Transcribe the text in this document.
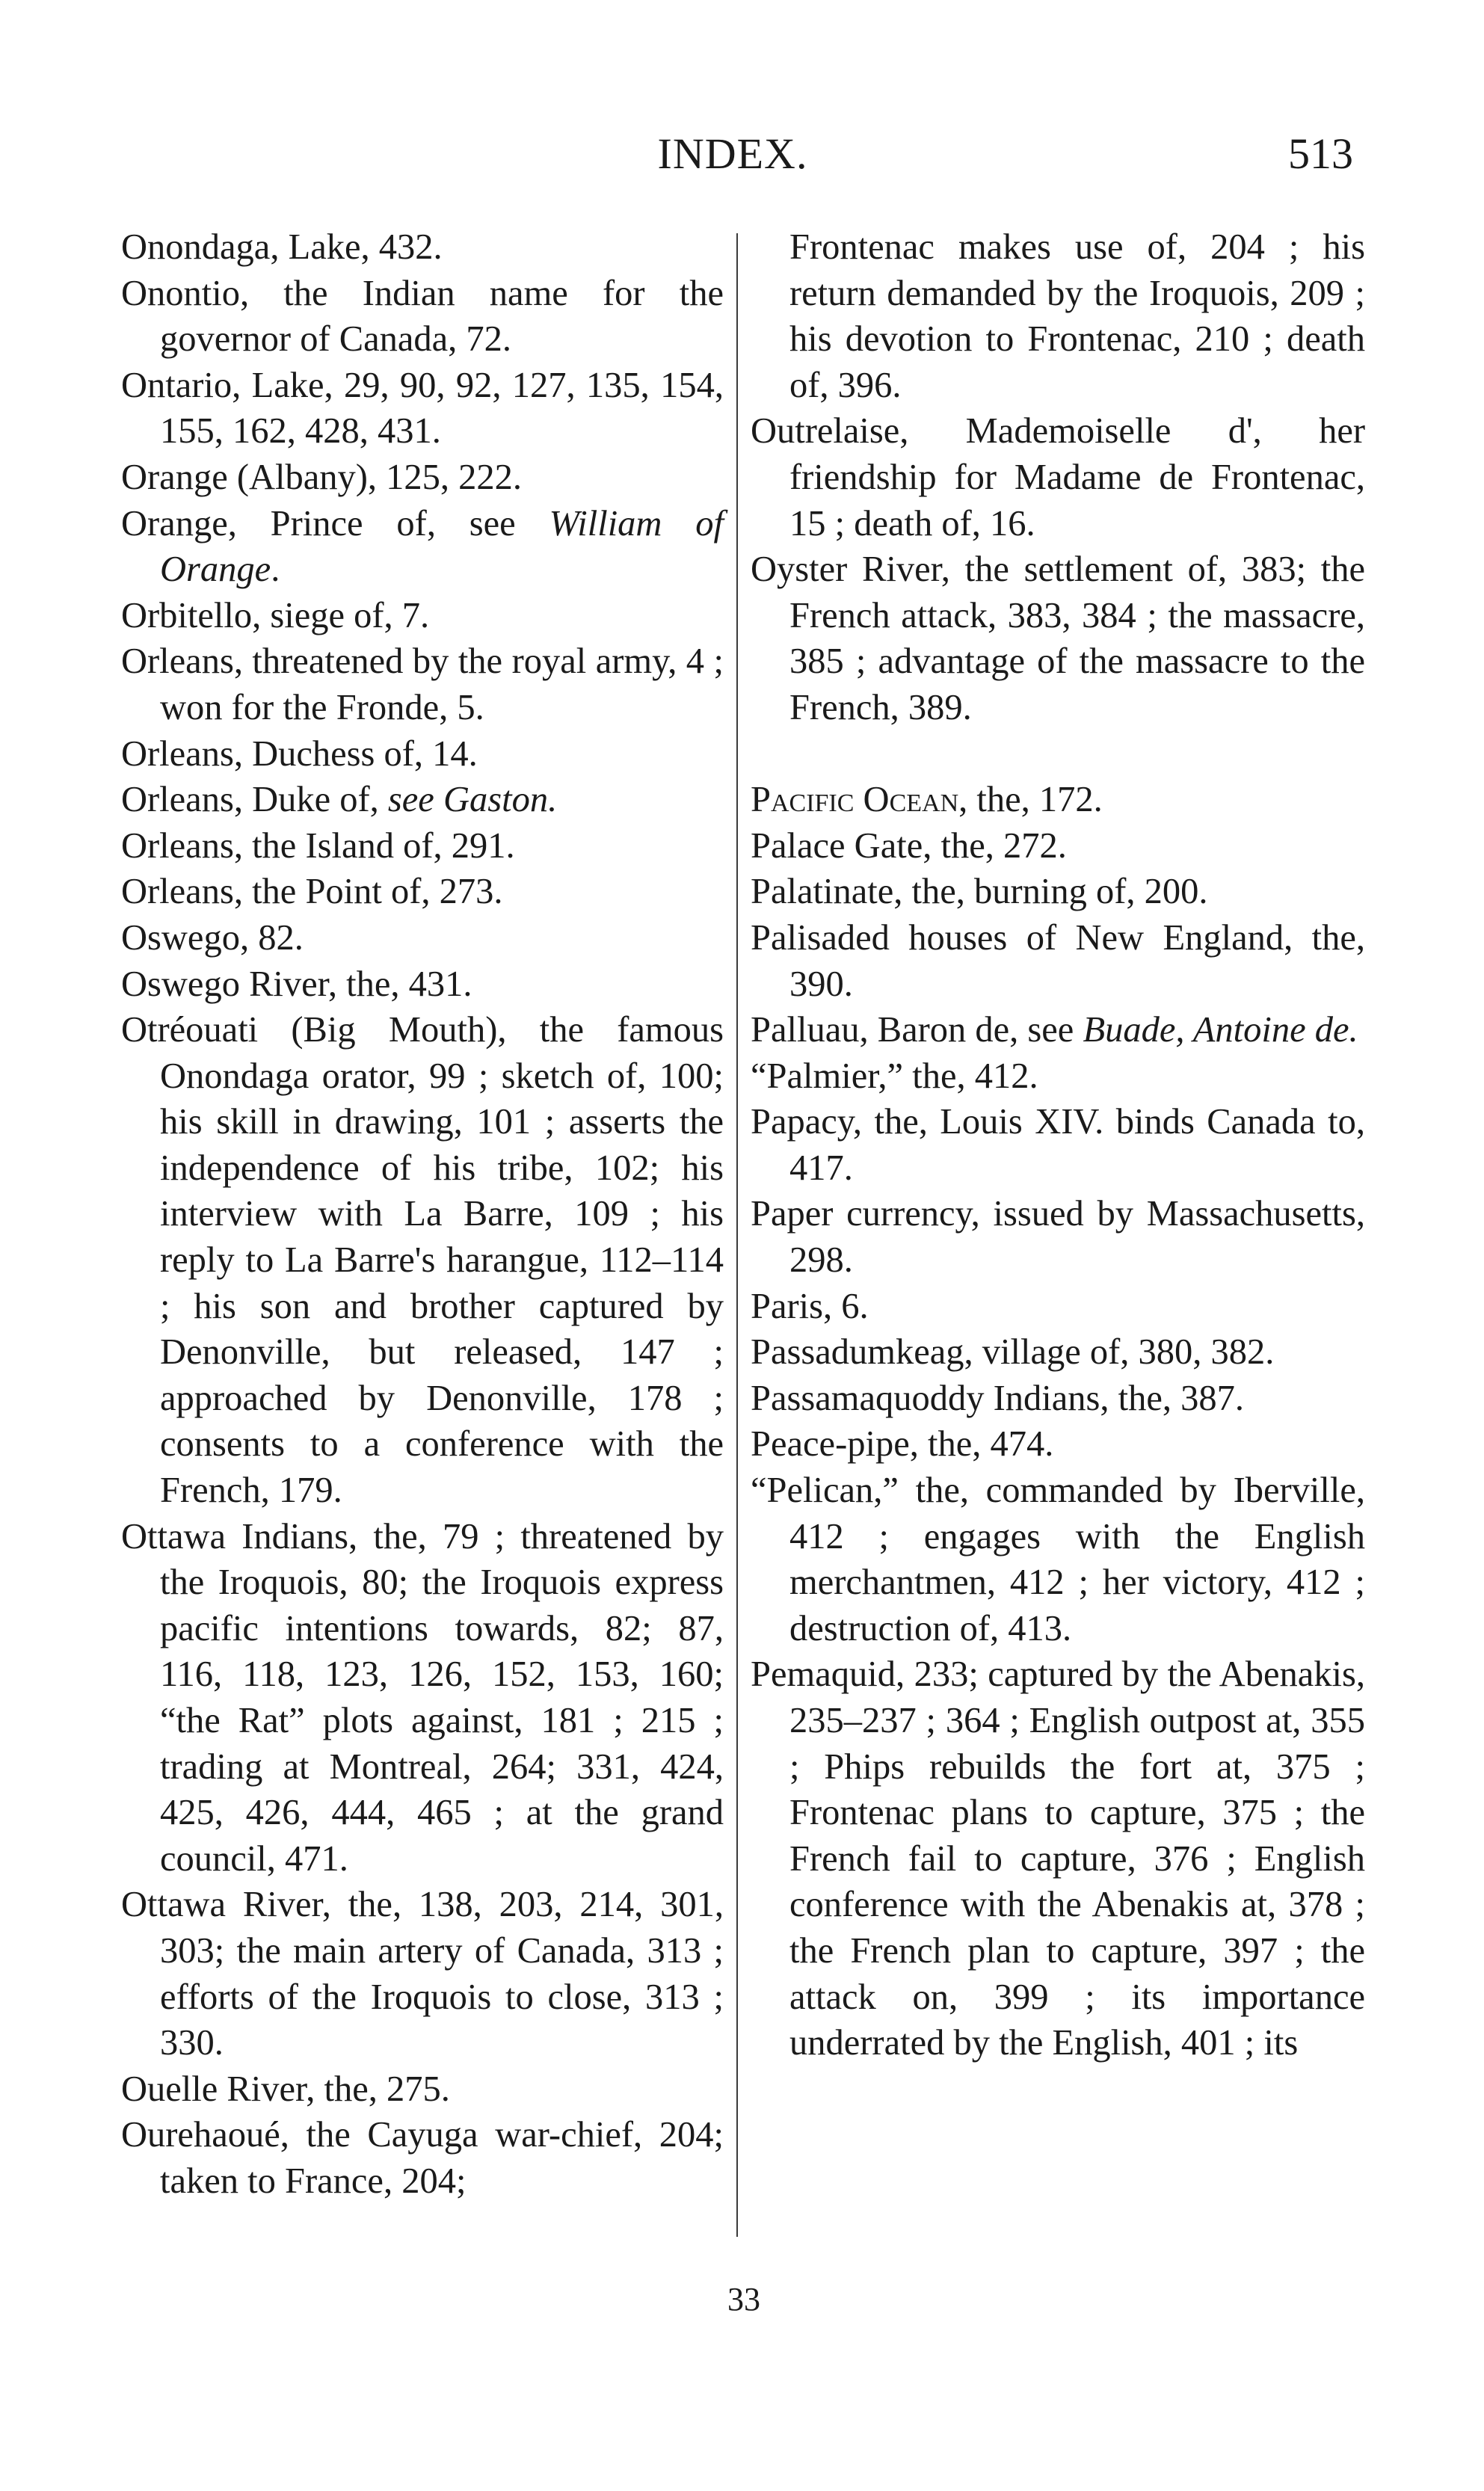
INDEX.	513
Onondaga, Lake, 432.
Onontio, the Indian name for the governor of Canada, 72.
Ontario, Lake, 29, 90, 92, 127, 135, 154, 155, 162, 428, 431.
Orange (Albany), 125, 222.
Orange, Prince of, see William of Orange.
Orbitello, siege of, 7.
Orleans, threatened by the royal army, 4 ; won for the Fronde, 5.
Orleans, Duchess of, 14.
Orleans, Duke of, see Gaston.
Orleans, the Island of, 291.
Orleans, the Point of, 273.
Oswego, 82.
Oswego River, the, 431.
Otréouati (Big Mouth), the famous Onondaga orator, 99 ; sketch of, 100; his skill in drawing, 101 ; asserts the independence of his tribe, 102; his interview with La Barre, 109 ; his reply to La Barre's harangue, 112–114 ; his son and brother captured by Denonville, but released, 147 ; approached by Denonville, 178 ; consents to a conference with the French, 179.
Ottawa Indians, the, 79 ; threatened by the Iroquois, 80; the Iroquois express pacific intentions towards, 82; 87, 116, 118, 123, 126, 152, 153, 160; “the Rat” plots against, 181 ; 215 ; trading at Montreal, 264; 331, 424, 425, 426, 444, 465 ; at the grand council, 471.
Ottawa River, the, 138, 203, 214, 301, 303; the main artery of Canada, 313 ; efforts of the Iroquois to close, 313 ; 330.
Ouelle River, the, 275.
Ourehaoué, the Cayuga war-chief, 204; taken to France, 204;
Frontenac makes use of, 204 ; his return demanded by the Iroquois, 209 ; his devotion to Frontenac, 210 ; death of, 396.
Outrelaise, Mademoiselle d', her friendship for Madame de Frontenac, 15 ; death of, 16.
Oyster River, the settlement of, 383; the French attack, 383, 384 ; the massacre, 385 ; advantage of the massacre to the French, 389.
Pacific Ocean, the, 172.
Palace Gate, the, 272.
Palatinate, the, burning of, 200.
Palisaded houses of New England, the, 390.
Palluau, Baron de, see Buade, Antoine de.
“Palmier,” the, 412.
Papacy, the, Louis XIV. binds Canada to, 417.
Paper currency, issued by Massachusetts, 298.
Paris, 6.
Passadumkeag, village of, 380, 382.
Passamaquoddy Indians, the, 387.
Peace-pipe, the, 474.
“Pelican,” the, commanded by Iberville, 412 ; engages with the English merchantmen, 412 ; her victory, 412 ; destruction of, 413.
Pemaquid, 233; captured by the Abenakis, 235–237 ; 364 ; English outpost at, 355 ; Phips rebuilds the fort at, 375 ; Frontenac plans to capture, 375 ; the French fail to capture, 376 ; English conference with the Abenakis at, 378 ; the French plan to capture, 397 ; the attack on, 399 ; its importance underrated by the English, 401 ; its
33
